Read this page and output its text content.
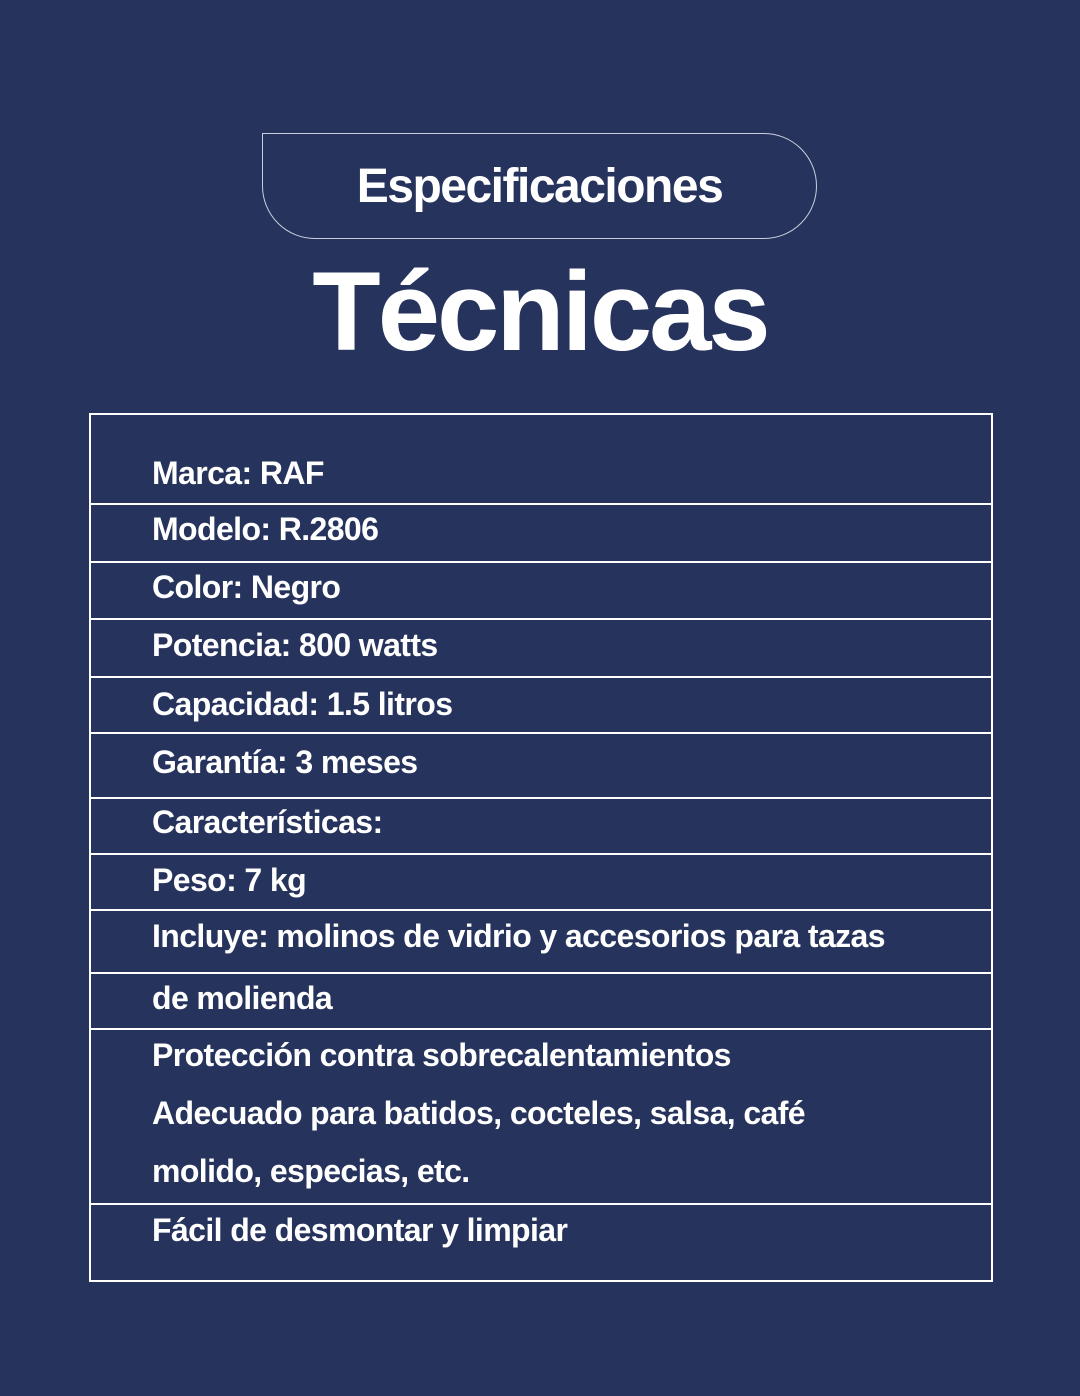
Especificaciones
Técnicas
Marca: RAF
Modelo: R.2806
Color: Negro
Potencia: 800 watts
Capacidad: 1.5 litros
Garantía: 3 meses
Características:
Peso: 7 kg
Incluye: molinos de vidrio y accesorios para tazas
de molienda
Protección contra sobrecalentamientos
Adecuado para batidos, cocteles, salsa, café
molido, especias, etc.
Fácil de desmontar y limpiar
